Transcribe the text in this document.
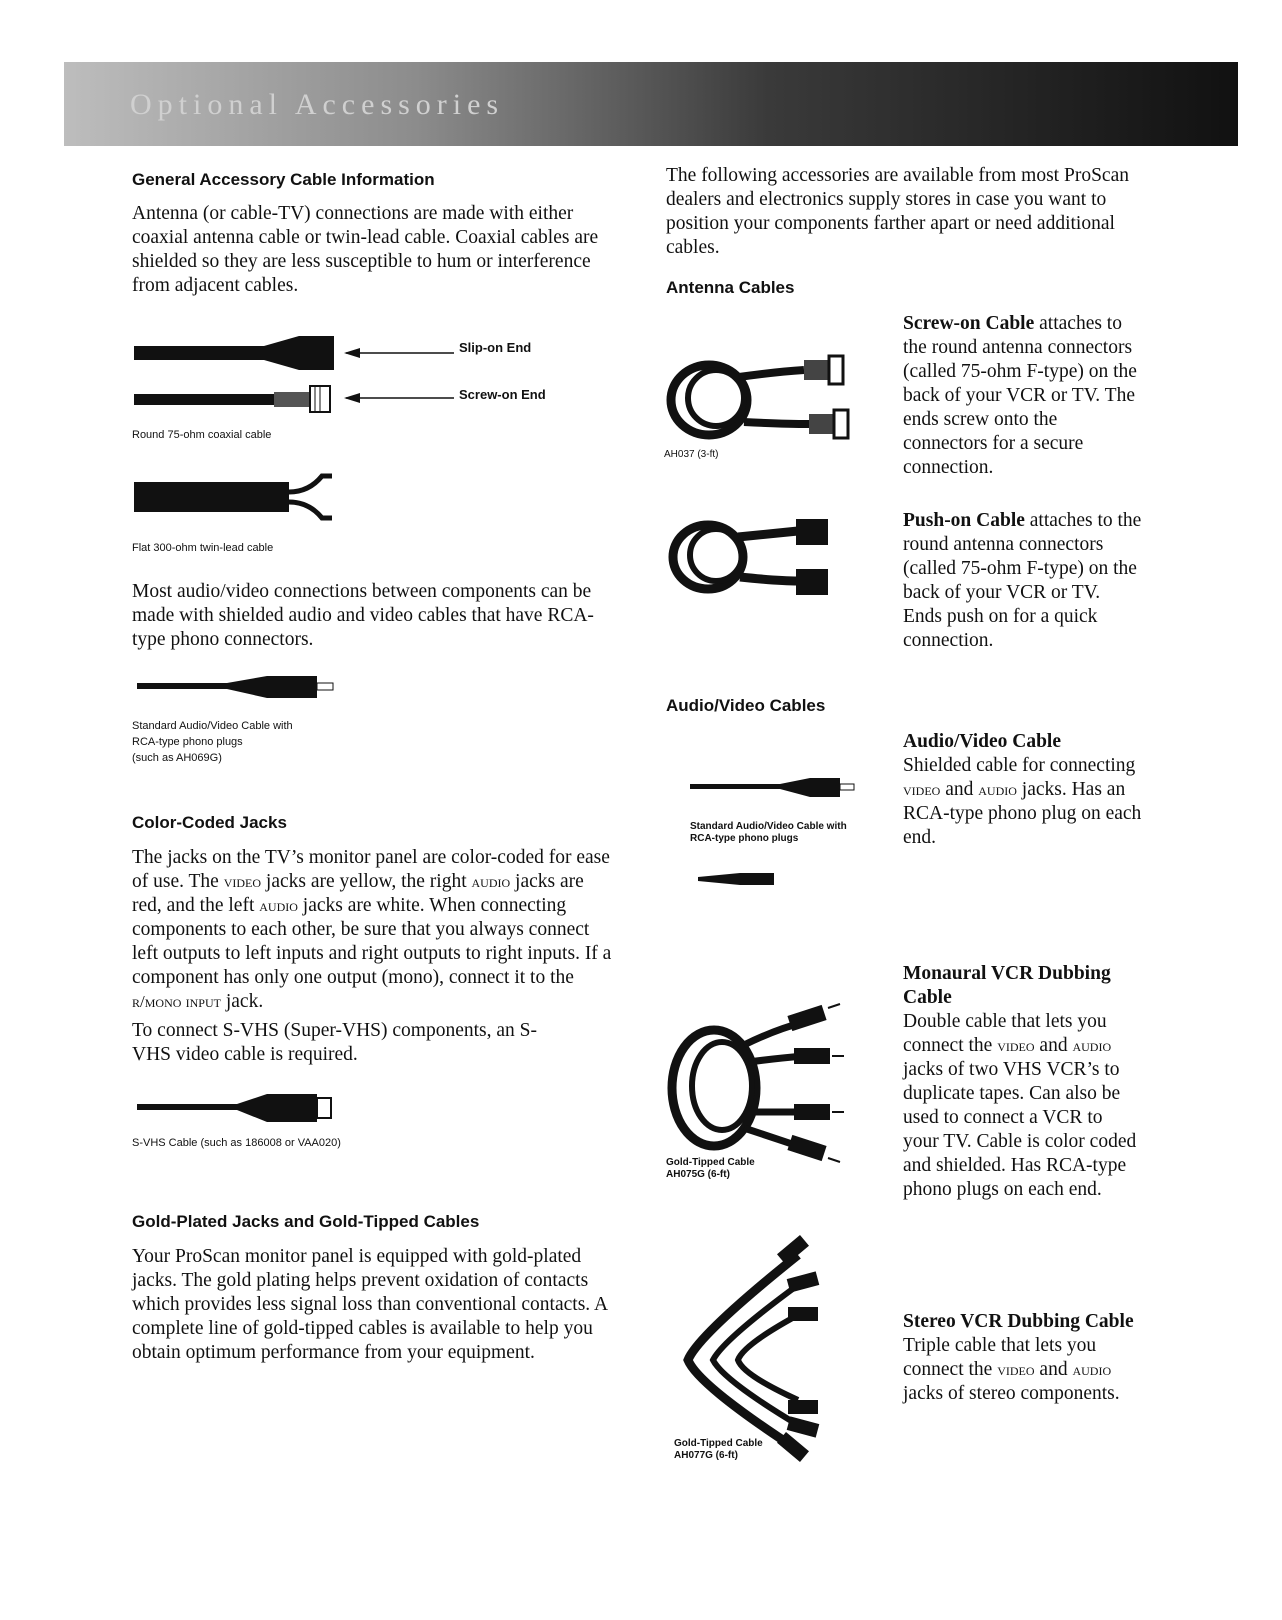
Optional Accessories
General Accessory Cable Information
Antenna (or cable-TV) connections are made with either coaxial antenna cable or twin-lead cable. Coaxial cables are shielded so they are less susceptible to hum or interference from adjacent cables.
Slip-on End
Screw-on End
Round 75-ohm coaxial cable
Flat 300-ohm twin-lead cable
Most audio/video connections between components can be made with shielded audio and video cables that have RCA-type phono connectors.
Standard Audio/Video Cable with
RCA-type phono plugs
(such as AH069G)
Color-Coded Jacks
The jacks on the TV’s monitor panel are color-coded for ease of use. The video jacks are yellow, the right audio jacks are red, and the left audio jacks are white. When connecting components to each other, be sure that you always connect left outputs to left inputs and right outputs to right inputs. If a component has only one output (mono), connect it to the r/mono input jack.
To connect S-VHS (Super-VHS) components, an S-VHS video cable is required.
S-VHS Cable (such as 186008 or VAA020)
Gold-Plated Jacks and Gold-Tipped Cables
Your ProScan monitor panel is equipped with gold-plated jacks. The gold plating helps prevent oxidation of contacts which provides less signal loss than conventional contacts. A complete line of gold-tipped cables is available to help you obtain optimum performance from your equipment.
The following accessories are available from most ProScan dealers and electronics supply stores in case you want to position your components farther apart or need additional cables.
Antenna Cables
AH037 (3-ft)
Screw-on Cable attaches to the round antenna connectors (called 75-ohm F-type) on the back of your VCR or TV. The ends screw onto the connectors for a secure connection.
Push-on Cable attaches to the round antenna connectors (called 75-ohm F-type) on the back of your VCR or TV. Ends push on for a quick connection.
Audio/Video Cables
Standard Audio/Video Cable with
RCA-type phono plugs
Audio/Video Cable
Shielded cable for connecting video and audio jacks. Has an RCA-type phono plug on each end.
Gold-Tipped Cable
AH075G (6-ft)
Monaural VCR Dubbing Cable
Double cable that lets you connect the video and audio jacks of two VHS VCR’s to duplicate tapes. Can also be used to connect a VCR to your TV. Cable is color coded and shielded. Has RCA-type phono plugs on each end.
Gold-Tipped Cable
AH077G (6-ft)
Stereo VCR Dubbing Cable
Triple cable that lets you connect the video and audio jacks of stereo components.
